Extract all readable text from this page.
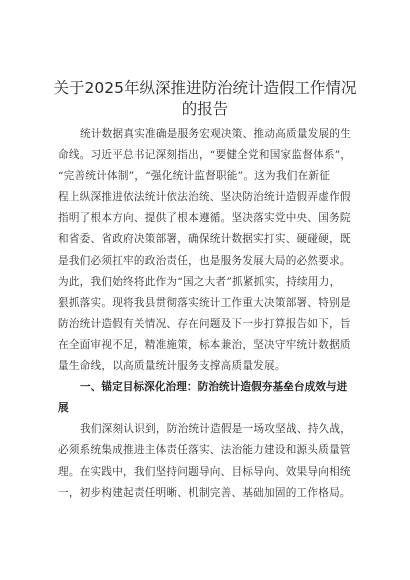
关于2025年纵深推进防治统计造假工作情况
的报告
统计数据真实准确是服务宏观决策、推动高质量发展的生
命线。习近平总书记深刻指出，“要健全党和国家监督体系”，
“完善统计体制”，“强化统计监督职能”。这为我们在新征
程上纵深推进依法统计依法治统、坚决防治统计造假弄虚作假
指明了根本方向、提供了根本遵循。坚决落实党中央、国务院
和省委、省政府决策部署，确保统计数据实打实、硬碰硬，既
是我们必须扛牢的政治责任，也是服务发展大局的必然要求。
为此，我们始终将此作为“国之大者”抓紧抓实，持续用力，
狠抓落实。现将我县贯彻落实统计工作重大决策部署、特别是
防治统计造假有关情况、存在问题及下一步打算报告如下，旨
在全面审视不足，精准施策，标本兼治，坚决守牢统计数据质
量生命线，以高质量统计服务支撑高质量发展。
一、锚定目标深化治理：防治统计造假夯基垒台成效与进
展
我们深刻认识到，防治统计造假是一场攻坚战、持久战，
必须系统集成推进主体责任落实、法治能力建设和源头质量管
理。在实践中，我们坚持问题导向、目标导向、效果导向相统
一，初步构建起责任明晰、机制完善、基础加固的工作格局。
